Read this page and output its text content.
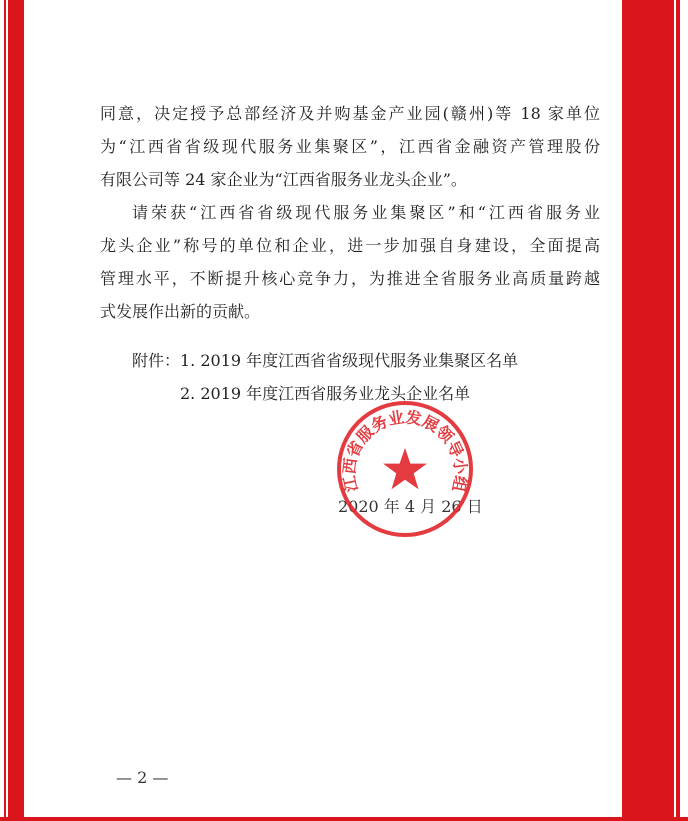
同意，决定授予总部经济及并购基金产业园(赣州)等 18 家单位
为“江西省省级现代服务业集聚区”，江西省金融资产管理股份
有限公司等 24 家企业为“江西省服务业龙头企业”。
请荣获“江西省省级现代服务业集聚区”和“江西省服务业
龙头企业”称号的单位和企业，进一步加强自身建设，全面提高
管理水平，不断提升核心竞争力，为推进全省服务业高质量跨越
式发展作出新的贡献。
附件： 1. 2019 年度江西省省级现代服务业集聚区名单
2. 2019 年度江西省服务业龙头企业名单
2020 年 4 月 26 日
江西省服务业发展领导小组
— 2 —
